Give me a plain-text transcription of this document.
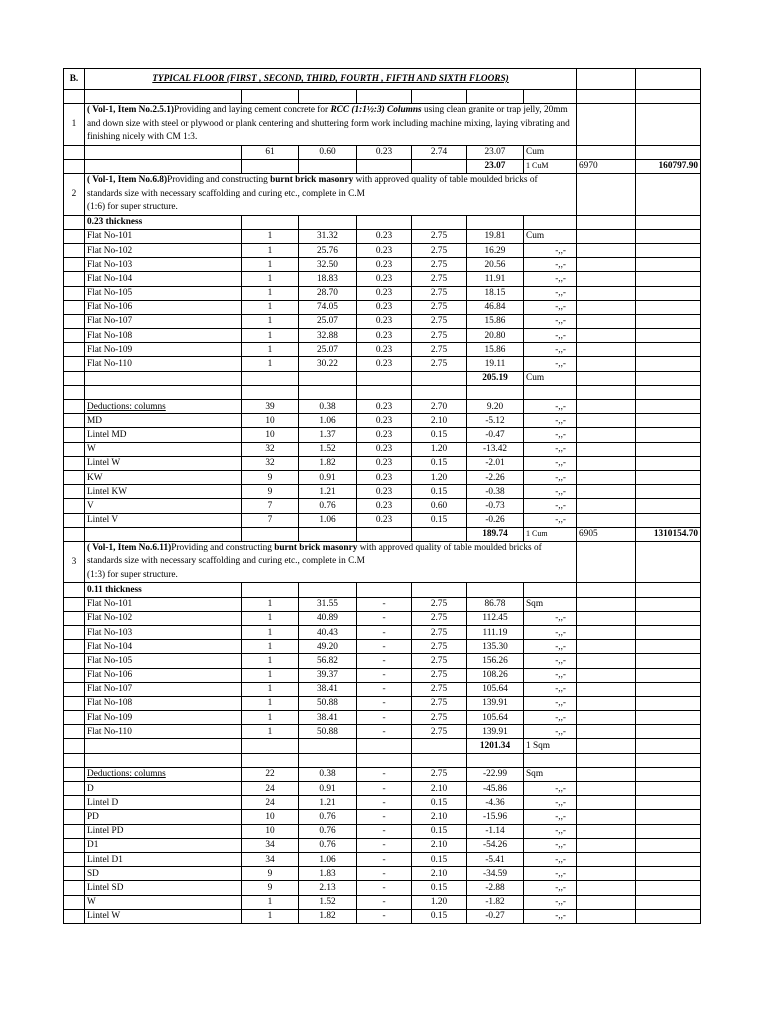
B.	TYPICAL FLOOR (FIRST , SECOND, THIRD, FOURTH , FIFTH AND SIXTH FLOORS)								

1	( Vol-1, Item No.2.5.1)Providing and laying cement concrete for RCC (1:1½:3) Columns using clean granite or trap jelly, 20mm and down size with steel or plywood or plank centering and shuttering form work including machine mixing, laying vibrating and finishing nicely with CM 1:3.								
		61	0.60	0.23	2.74	23.07	Cum		
						23.07	1 CuM	6970	160797.90
2	( Vol-1, Item No.6.8)Providing and constructing burnt brick masonry with approved quality of table moulded bricks of standards size with necessary scaffolding and curing etc., complete in C.M
(1:6) for super structure.								

	0.23 thickness								
	Flat No-101	1	31.32	0.23	2.75	19.81	Cum		
	Flat No-102	1	25.76	0.23	2.75	16.29	-,,-		
	Flat No-103	1	32.50	0.23	2.75	20.56	-,,-		
	Flat No-104	1	18.83	0.23	2.75	11.91	-,,-		
	Flat No-105	1	28.70	0.23	2.75	18.15	-,,-		
	Flat No-106	1	74.05	0.23	2.75	46.84	-,,-		
	Flat No-107	1	25.07	0.23	2.75	15.86	-,,-		
	Flat No-108	1	32.88	0.23	2.75	20.80	-,,-		
	Flat No-109	1	25.07	0.23	2.75	15.86	-,,-		
	Flat No-110	1	30.22	0.23	2.75	19.11	-,,-		
						205.19	Cum		

	Deductions: columns	39	0.38	0.23	2.70	9.20	-,,-		
	MD	10	1.06	0.23	2.10	-5.12	-,,-		
	Lintel MD	10	1.37	0.23	0.15	-0.47	-,,-		
	W	32	1.52	0.23	1.20	-13.42	-,,-		
	Lintel W	32	1.82	0.23	0.15	-2.01	-,,-		
	KW	9	0.91	0.23	1.20	-2.26	-,,-		
	Lintel KW	9	1.21	0.23	0.15	-0.38	-,,-		
	V	7	0.76	0.23	0.60	-0.73	-,,-		
	Lintel V	7	1.06	0.23	0.15	-0.26	-,,-		
						189.74	1 Cum	6905	1310154.70
3	( Vol-1, Item No.6.11)Providing and constructing burnt brick masonry with approved quality of table moulded bricks of standards size with necessary scaffolding and curing etc., complete in C.M
(1:3) for super structure.								

	0.11 thickness								
	Flat No-101	1	31.55	-	2.75	86.78	Sqm		
	Flat No-102	1	40.89	-	2.75	112.45	-,,-		
	Flat No-103	1	40.43	-	2.75	111.19	-,,-		
	Flat No-104	1	49.20	-	2.75	135.30	-,,-		
	Flat No-105	1	56.82	-	2.75	156.26	-,,-		
	Flat No-106	1	39.37	-	2.75	108.26	-,,-		
	Flat No-107	1	38.41	-	2.75	105.64	-,,-		
	Flat No-108	1	50.88	-	2.75	139.91	-,,-		
	Flat No-109	1	38.41	-	2.75	105.64	-,,-		
	Flat No-110	1	50.88	-	2.75	139.91	-,,-		
						1201.34	1 Sqm		

	Deductions: columns	22	0.38	-	2.75	-22.99	Sqm		
	D	24	0.91	-	2.10	-45.86	-,,-		
	Lintel D	24	1.21	-	0.15	-4.36	-,,-		
	PD	10	0.76	-	2.10	-15.96	-,,-		
	Lintel PD	10	0.76	-	0.15	-1.14	-,,-		
	D1	34	0.76	-	2.10	-54.26	-,,-		
	Lintel D1	34	1.06	-	0.15	-5.41	-,,-		
	SD	9	1.83	-	2.10	-34.59	-,,-		
	Lintel SD	9	2.13	-	0.15	-2.88	-,,-		
	W	1	1.52	-	1.20	-1.82	-,,-		
	Lintel W	1	1.82	-	0.15	-0.27	-,,-		
